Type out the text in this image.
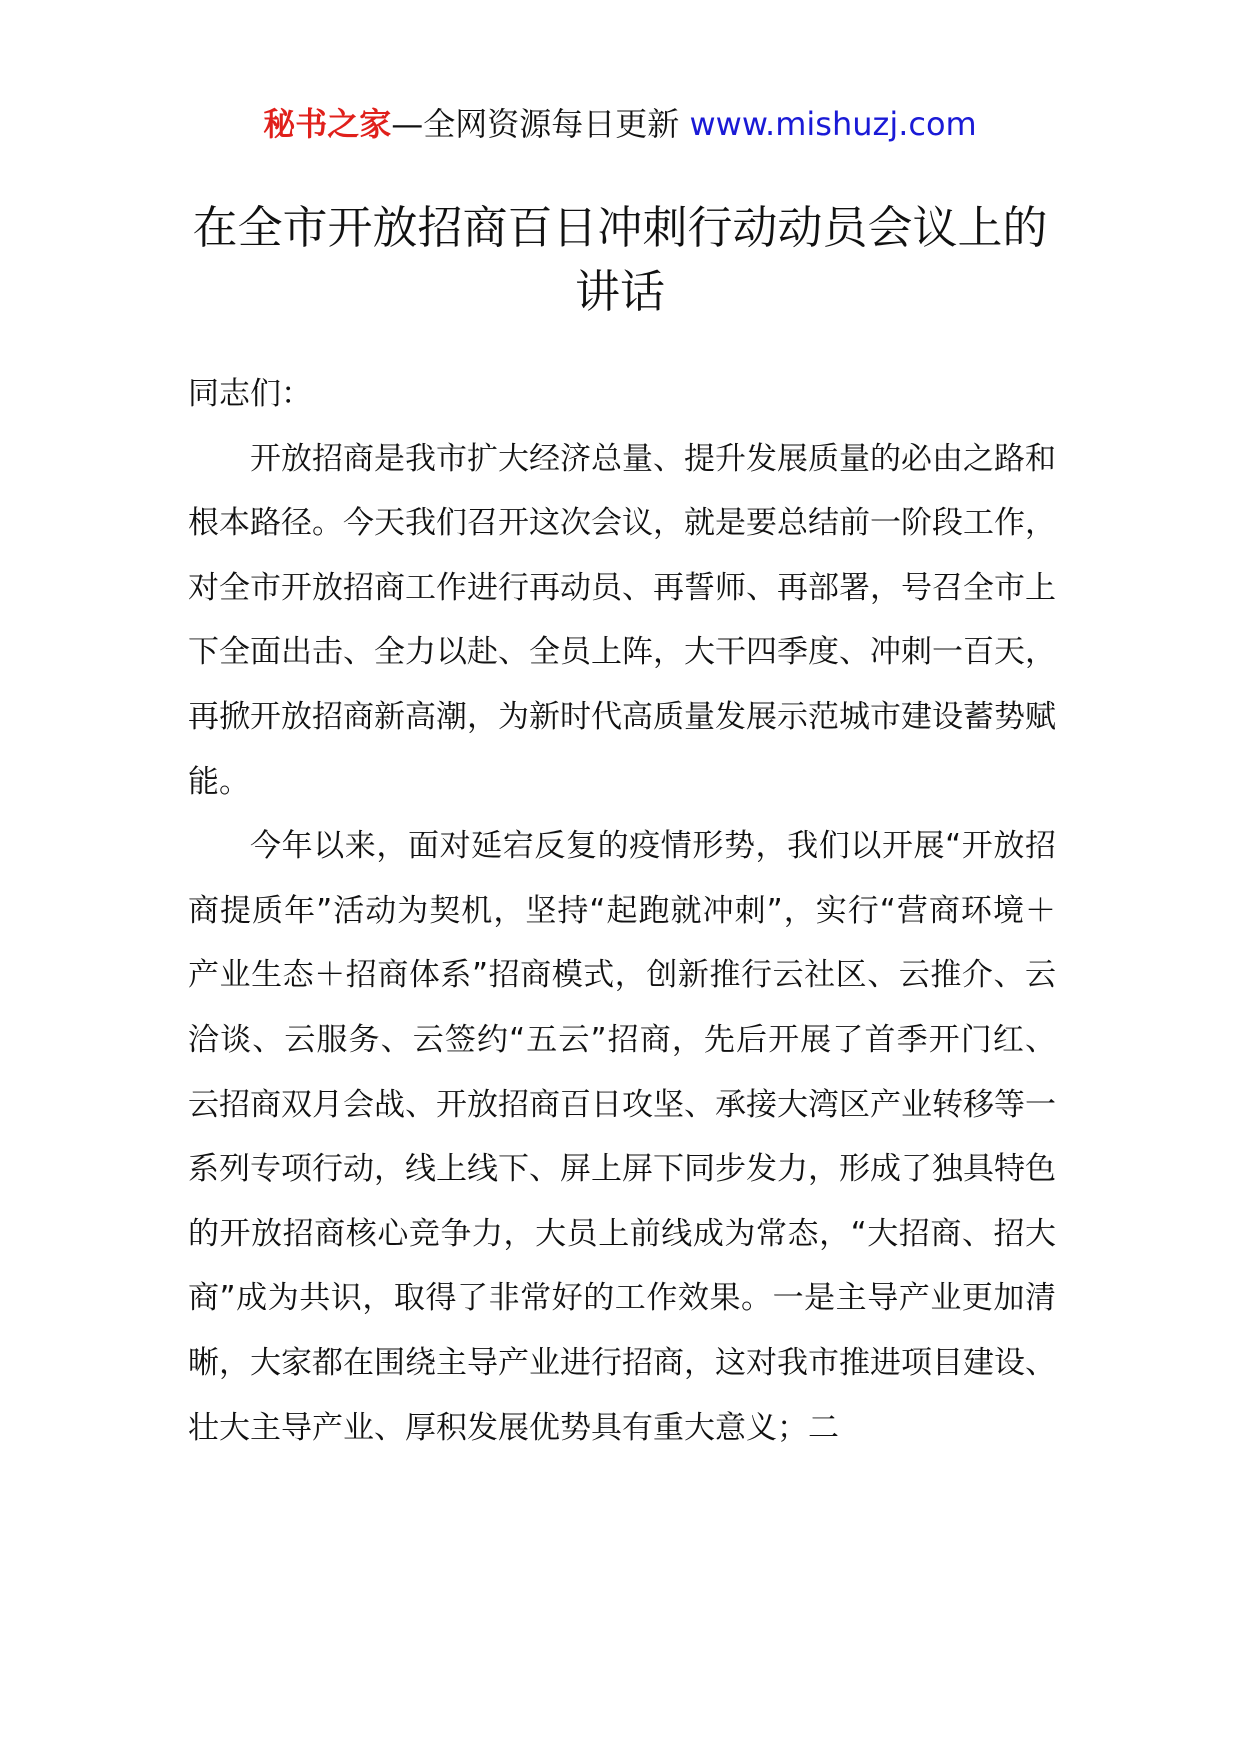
秘书之家—全网资源每日更新 www.mishuzj.com
在全市开放招商百日冲刺行动动员会议上的讲话

同志们：

开放招商是我市扩大经济总量、提升发展质量的必由之路和根本路径。今天我们召开这次会议，就是要总结前一阶段工作，对全市开放招商工作进行再动员、再誓师、再部署，号召全市上下全面出击、全力以赴、全员上阵，大干四季度、冲刺一百天，再掀开放招商新高潮，为新时代高质量发展示范城市建设蓄势赋能。

今年以来，面对延宕反复的疫情形势，我们以开展“开放招商提质年”活动为契机，坚持“起跑就冲刺”，实行“营商环境＋产业生态＋招商体系”招商模式，创新推行云社区、云推介、云洽谈、云服务、云签约“五云”招商，先后开展了首季开门红、云招商双月会战、开放招商百日攻坚、承接大湾区产业转移等一系列专项行动，线上线下、屏上屏下同步发力，形成了独具特色的开放招商核心竞争力，大员上前线成为常态，“大招商、招大商”成为共识，取得了非常好的工作效果。一是主导产业更加清晰，大家都在围绕主导产业进行招商，这对我市推进项目建设、壮大主导产业、厚积发展优势具有重大意义；二
